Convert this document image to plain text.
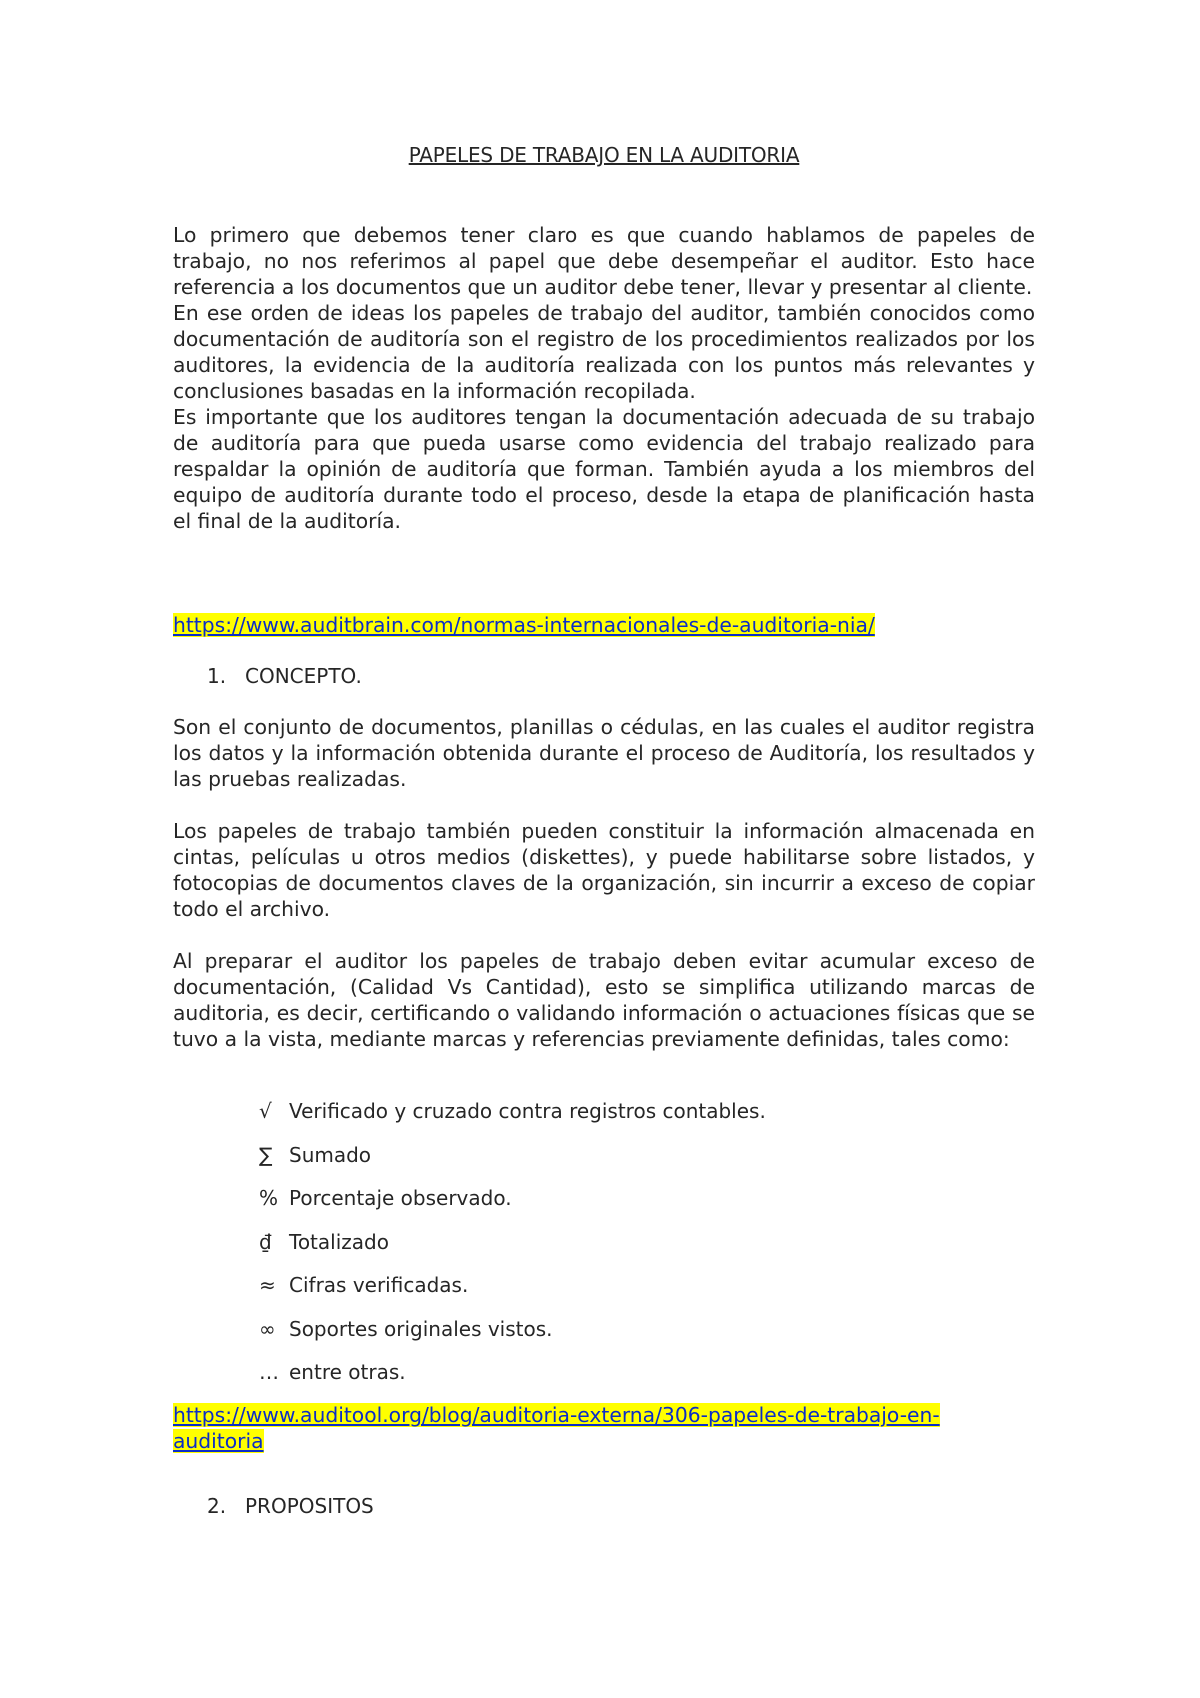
PAPELES DE TRABAJO EN LA AUDITORIA

Lo primero que debemos tener claro es que cuando hablamos de papeles de trabajo, no nos referimos al papel que debe desempeñar el auditor. Esto hace referencia a los documentos que un auditor debe tener, llevar y presentar al cliente.

En ese orden de ideas los papeles de trabajo del auditor, también conocidos como documentación de auditoría son el registro de los procedimientos realizados por los auditores, la evidencia de la auditoría realizada con los puntos más relevantes y conclusiones basadas en la información recopilada.

Es importante que los auditores tengan la documentación adecuada de su trabajo de auditoría para que pueda usarse como evidencia del trabajo realizado para respaldar la opinión de auditoría que forman. También ayuda a los miembros del equipo de auditoría durante todo el proceso, desde la etapa de planificación hasta el final de la auditoría.

https://www.auditbrain.com/normas-internacionales-de-auditoria-nia/
1. CONCEPTO.

Son el conjunto de documentos, planillas o cédulas, en las cuales el auditor registra los datos y la información obtenida durante el proceso de Auditoría, los resultados y las pruebas realizadas.

Los papeles de trabajo también pueden constituir la información almacenada en cintas, películas u otros medios (diskettes), y puede habilitarse sobre listados, y fotocopias de documentos claves de la organización, sin incurrir a exceso de copiar todo el archivo.

Al preparar el auditor los papeles de trabajo deben evitar acumular exceso de documentación, (Calidad Vs Cantidad), esto se simplifica utilizando marcas de auditoria, es decir, certificando o validando información o actuaciones físicas que se tuvo a la vista, mediante marcas y referencias previamente definidas, tales como:

√ Verificado y cruzado contra registros contables.
∑ Sumado
% Porcentaje observado.
₫ Totalizado
≈ Cifras verificadas.
∞ Soportes originales vistos.
… entre otras.
https://www.auditool.org/blog/auditoria-externa/306-papeles-de-trabajo-en-auditoria
2. PROPOSITOS
